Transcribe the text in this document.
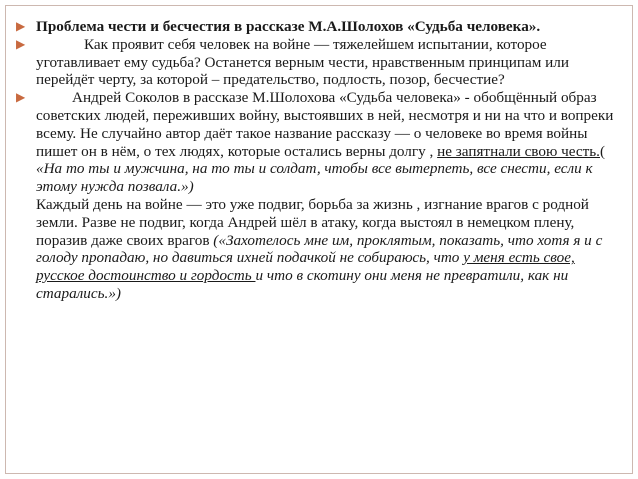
▶ Проблема чести и бесчестия в рассказе М.А.Шолохов «Судьба человека».
▶	Как проявит себя человек на войне — тяжелейшем испытании, которое уготавливает ему судьба? Останется верным чести, нравственным принципам или перейдёт черту, за которой – предательство, подлость, позор, бесчестие?
▶	Андрей Соколов в рассказе М.Шолохова «Судьба человека» - обобщённый образ советских людей, переживших войну, выстоявших в ней, несмотря и ни на что и вопреки всему. Не случайно автор даёт такое название рассказу — о человеке во время войны пишет он в нём, о тех людях, которые остались верны долгу , не запятнали свою честь.( «На то ты и мужчина, на то ты и солдат, чтобы все вытерпеть, все снести, если к этому нужда позвала.»)
Каждый день на войне — это уже подвиг, борьба за жизнь , изгнание врагов с родной земли. Разве не подвиг, когда Андрей шёл в атаку, когда выстоял в немецком плену, поразив даже своих врагов («Захотелось мне им, проклятым, показать, что хотя я и с голоду пропадаю, но давиться ихней подачкой не собираюсь, что у меня есть свое, русское достоинство и гордость и что в скотину они меня не превратили, как ни старались.»)
